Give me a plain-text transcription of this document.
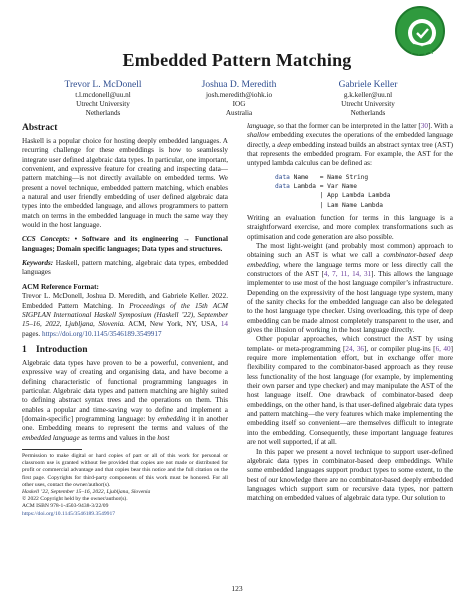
Embedded Pattern Matching
Trevor L. McDonell
t.l.mcdonell@uu.nl
Utrecht University
Netherlands
Joshua D. Meredith
josh.meredith@iohk.io
IOG
Australia
Gabriele Keller
g.k.keller@uu.nl
Utrecht University
Netherlands
Abstract

Haskell is a popular choice for hosting deeply embedded languages. A recurring challenge for these embeddings is how to seamlessly integrate user defined algebraic data types. In particular, one important, convenient, and expressive feature for creating and inspecting data—pattern matching—is not directly available on embedded terms. We present a novel technique, embedded pattern matching, which enables a natural and user friendly embedding of user defined algebraic data types into the embedded language, and allows programmers to pattern match on terms in the embedded language in much the same way they would in the host language.

CCS Concepts: • Software and its engineering → Functional languages; Domain specific languages; Data types and structures.

Keywords: Haskell, pattern matching, algebraic data types, embedded languages

ACM Reference Format:
Trevor L. McDonell, Joshua D. Meredith, and Gabriele Keller. 2022. Embedded Pattern Matching. In Proceedings of the 15th ACM SIGPLAN International Haskell Symposium (Haskell ’22), September 15–16, 2022, Ljubljana, Slovenia. ACM, New York, NY, USA, 14 pages. https://doi.org/10.1145/3546189.3549917

1 Introduction

Algebraic data types have proven to be a powerful, convenient, and expressive way of creating and organising data, and have become a defining characteristic of functional programming languages in particular. Algebraic data types and pattern matching are highly suited to defining abstract syntax trees and the operations on them. This enables a popular and time-saving way to define and implement a [domain-specific] programming language: by embedding it in another one. Embedding means to represent the terms and values of the embedded language as terms and values in the host

Permission to make digital or hard copies of part or all of this work for personal or classroom use is granted without fee provided that copies are not made or distributed for profit or commercial advantage and that copies bear this notice and the full citation on the first page. Copyrights for third-party components of this work must be honored. For all other uses, contact the owner/author(s).

Haskell ’22, September 15–16, 2022, Ljubljana, Slovenia

© 2022 Copyright held by the owner/author(s).

ACM ISBN 978-1-4503-9438-3/22/09

https://doi.org/10.1145/3546189.3549917

language, so that the former can be interpreted in the latter [30]. With a shallow embedding executes the operations of the embedded language directly, a deep embedding instead builds an abstract syntax tree (AST) that represents the embedded program. For example, the AST for the untyped lambda calculus can be defined as:

data Name   = Name String
data Lambda = Var Name
| App Lambda Lambda
| Lam Name Lambda

Writing an evaluation function for terms in this language is a straightforward exercise, and more complex transformations such as optimisation and code generation are also possible.

The most light-weight (and probably most common) approach to obtaining such an AST is what we call a combinator-based deep embedding, where the language terms more or less directly call the constructors of the AST [4, 7, 11, 14, 31]. This allows the language implementer to use most of the host language compiler’s infrastructure. Depending on the expressivity of the host language type system, many of the sanity checks for the embedded language can also be delegated to the host language type checker. Using overloading, this type of deep embedding can be made almost completely transparent to the user, and gives the illusion of working in the host language directly.

Other popular approaches, which construct the AST by using template- or meta-programming [24, 36], or compiler plug-ins [6, 40] require more implementation effort, but in exchange offer more flexibility compared to the combinator-based approach as they reuse less functionality of the host language (for example, by implementing their own parser and type checker) and may manipulate the AST of the host language itself. One drawback of combinator-based deep embeddings, on the other hand, is that user-defined algebraic data types and pattern matching—the very features which make implementing the embedding itself so convenient—are themselves difficult to integrate into the embedding. Consequently, these important language features are not well supported, if at all.

In this paper we present a novel technique to support user-defined algebraic data types in combinator-based deep embeddings. While some embedded languages support product types to some extent, to the best of our knowledge there are no combinator-based deeply embedded languages which support sum or recursive data types, nor pattern matching on embedded values of algebraic data type. Our solution to

123
